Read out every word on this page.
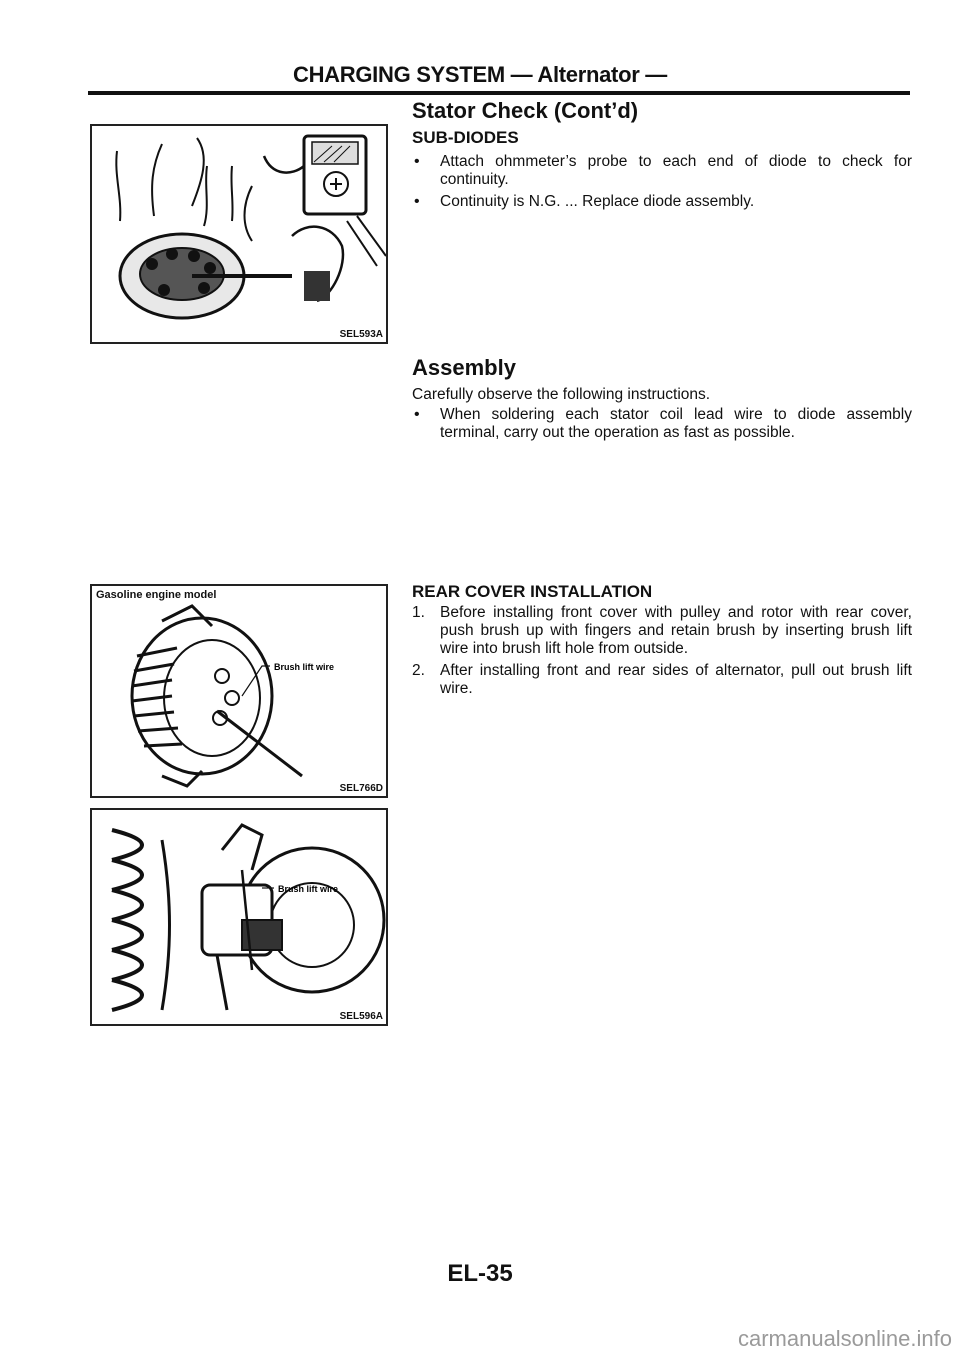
CHARGING SYSTEM — Alternator —
Stator Check (Cont’d)
SUB-DIODES
• Attach ohmmeter’s probe to each end of diode to check for continuity.
• Continuity is N.G. ... Replace diode assembly.
Assembly
Carefully observe the following instructions.
• When soldering each stator coil lead wire to diode assembly terminal, carry out the operation as fast as possible.
REAR COVER INSTALLATION
1. Before installing front cover with pulley and rotor with rear cover, push brush up with fingers and retain brush by inserting brush lift wire into brush lift hole from outside.
2. After installing front and rear sides of alternator, pull out brush lift wire.
SEL593A
Gasoline engine model
Brush lift wire
SEL766D
Brush lift wire
SEL596A
EL-35
carmanualsonline.info
